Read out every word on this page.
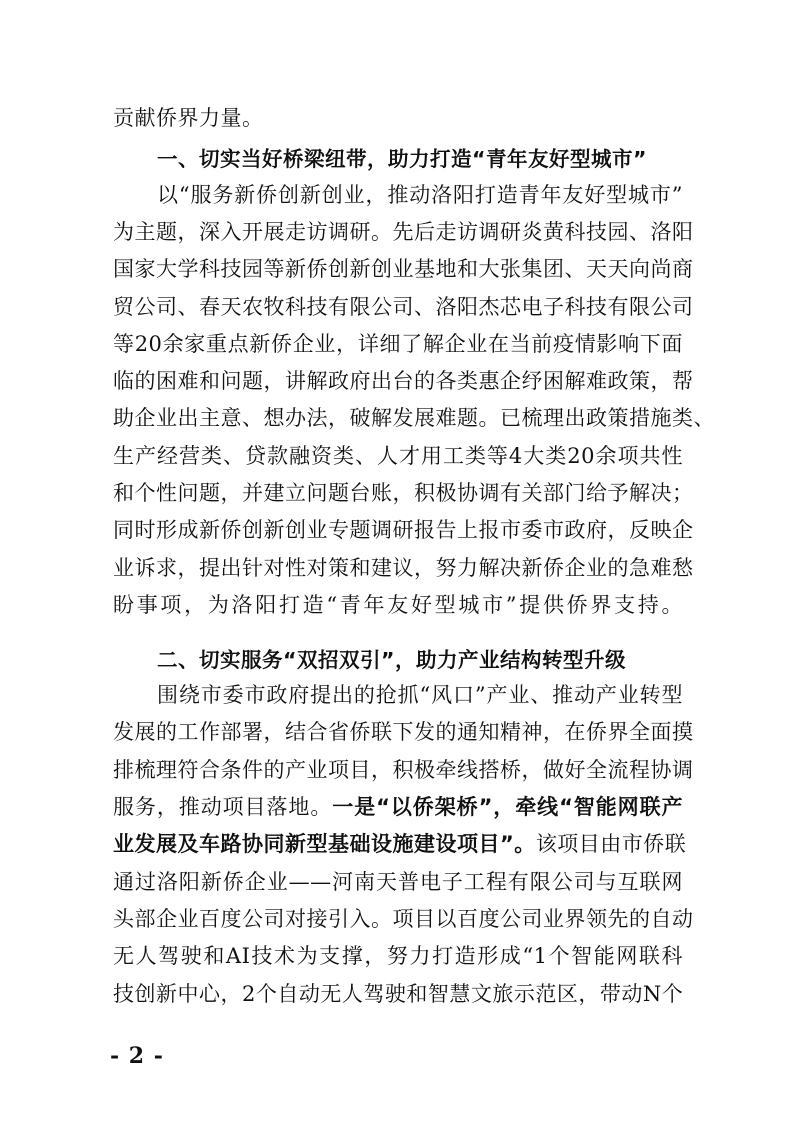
贡献侨界力量。
一、切实当好桥梁纽带，助力打造“青年友好型城市”
以“服务新侨创新创业，推动洛阳打造青年友好型城市”
为主题，深入开展走访调研。先后走访调研炎黄科技园、洛阳
国家大学科技园等新侨创新创业基地和大张集团、天天向尚商
贸公司、春天农牧科技有限公司、洛阳杰芯电子科技有限公司
等20余家重点新侨企业，详细了解企业在当前疫情影响下面
临的困难和问题，讲解政府出台的各类惠企纾困解难政策，帮
助企业出主意、想办法，破解发展难题。已梳理出政策措施类、
生产经营类、贷款融资类、人才用工类等4大类20余项共性
和个性问题，并建立问题台账，积极协调有关部门给予解决；
同时形成新侨创新创业专题调研报告上报市委市政府，反映企
业诉求，提出针对性对策和建议，努力解决新侨企业的急难愁
盼事项，为洛阳打造“青年友好型城市”提供侨界支持。
二、切实服务“双招双引”，助力产业结构转型升级
围绕市委市政府提出的抢抓“风口”产业、推动产业转型
发展的工作部署，结合省侨联下发的通知精神，在侨界全面摸
排梳理符合条件的产业项目，积极牵线搭桥，做好全流程协调
服务，推动项目落地。一是“以侨架桥”，牵线“智能网联产
业发展及车路协同新型基础设施建设项目”。该项目由市侨联
通过洛阳新侨企业——河南天普电子工程有限公司与互联网
头部企业百度公司对接引入。项目以百度公司业界领先的自动
无人驾驶和AI技术为支撑，努力打造形成“1个智能网联科
技创新中心，2个自动无人驾驶和智慧文旅示范区，带动N个
- 2 -
